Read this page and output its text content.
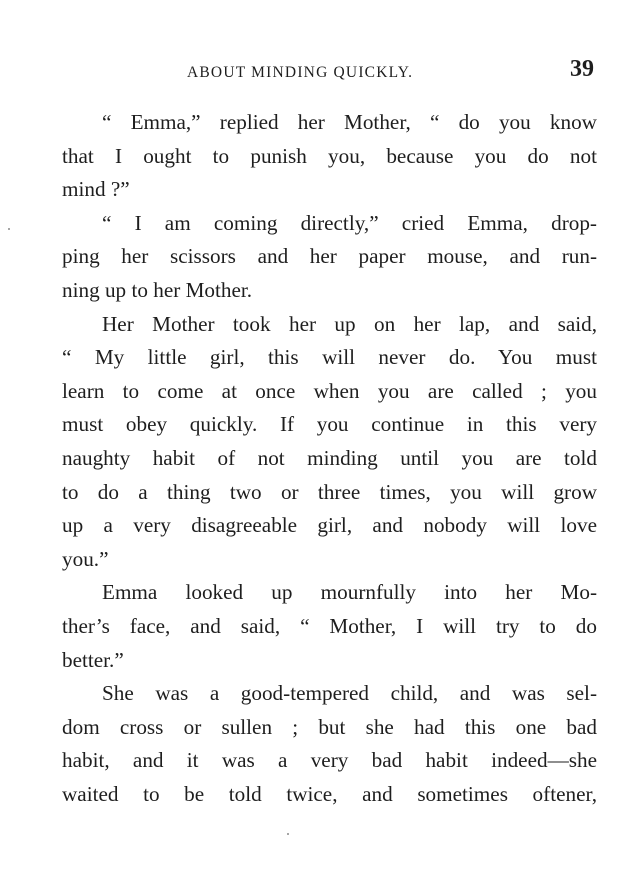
ABOUT MINDING QUICKLY.	39

“ Emma,” replied her Mother, “ do you know
that I ought to punish you, because you do not
mind ?”

“ I am coming directly,” cried Emma, drop-
ping her scissors and her paper mouse, and run-
ning up to her Mother.

Her Mother took her up on her lap, and said,
“ My little girl, this will never do. You must
learn to come at once when you are called ; you
must obey quickly. If you continue in this very
naughty habit of not minding until you are told
to do a thing two or three times, you will grow
up a very disagreeable girl, and nobody will love
you.”

Emma looked up mournfully into her Mo-
ther’s face, and said, “ Mother, I will try to do
better.”

She was a good-tempered child, and was sel-
dom cross or sullen ; but she had this one bad
habit, and it was a very bad habit indeed—she
waited to be told twice, and sometimes oftener,
